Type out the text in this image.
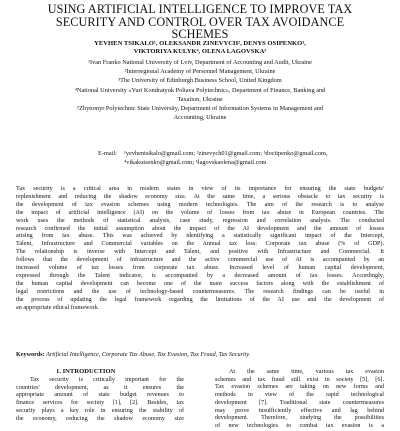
USING ARTIFICIAL INTELLIGENCE TO IMPROVE TAX
SECURITY AND CONTROL OVER TAX AVOIDANCE
SCHEMES
YEVHEN TSIKALO¹, OLEKSANDR ZINEVYCH², DENYS OSIPENKO³,
VIKTORIYA KULYK⁴, OLENA LAGOVSKA⁵
¹Ivan Franko National University of Lviv, Department of Accounting and Audit, Ukraine
²Interregional Academy of Personnel Management, Ukraine
³The University of Edinburgh Business School, United Kingdom
⁴National University «Yuri Kondratyuk Poltava Polytechnic», Department of Finance, Banking and
Taxation, Ukraine
⁵Zhytomyr Polytechnic State University, Department of Information Systems in Management and
Accounting, Ukraine
E-mail:	¹yevhentsikalo@gmail.com; ²zinevych01@gmail.com; ³dociipenko@gmail.com,
⁴vikakutsenko@gmail.com; ⁵lagovskaolena@gmail.com
Tax security is a critical area in modern states in view of its importance for ensuring the state budgets'
replenishment and reducing the shadow economy size. At the same time, a serious obstacle to tax security is
the development of tax evasion schemes using modern technologies. The aim of the research is to analyse
the impact of artificial intelligence (AI) on the volume of losses from tax abuse in European countries. The
work uses the methods of statistical analysis, case study, regression and correlation analysis. The conducted
research confirmed the initial assumption about the impact of the AI development and the amount of losses
arising from tax abuse. This was achieved by identifying a statistically significant impact of the Intercept,
Talent, Infrastructure and Commercial variables on the Annual tax loss: Corporate tax abuse (% of GDP).
The relationship is inverse with Intercept and Talent, and positive with Infrastructure and Commercial. It
follows that the development of infrastructure and the active commercial use of AI is accompanied by an
increased volume of tax losses from corporate tax abuse. Increased level of human capital development,
expressed through the Talent indicator, is accompanied by a decreased amount of tax losses. Accordingly,
the human capital development can become one of the main success factors along with the establishment of
legal restrictions and the use of technology-based countermeasures. The research findings can be useful in
the process of updating the legal framework regarding the limitations of the AI use and the development of
an appropriate ethical framework.
Keywords: Artificial Intelligence, Corporate Tax Abuse, Tax Evasion, Tax Fraud, Tax Security.
1. INTRODUCTION
Tax security is critically important for the
countries' development, as it ensures the
appropriate amount of state budget revenues to
finance services for society [1], [2]. Besides, tax
security plays a key role in ensuring the stability of
the economy, reducing the shadow economy size
At the same time, various tax evasion
schemes and tax fraud still exist in society [5], [6].
Tax evasion schemes are taking on new forms and
methods in view of the rapid technological
development [7]. Traditional state countermeasures
may prove insufficiently effective and lag behind
development. Therefore, studying the possibilities
of new technologies to combat tax evasion is a
